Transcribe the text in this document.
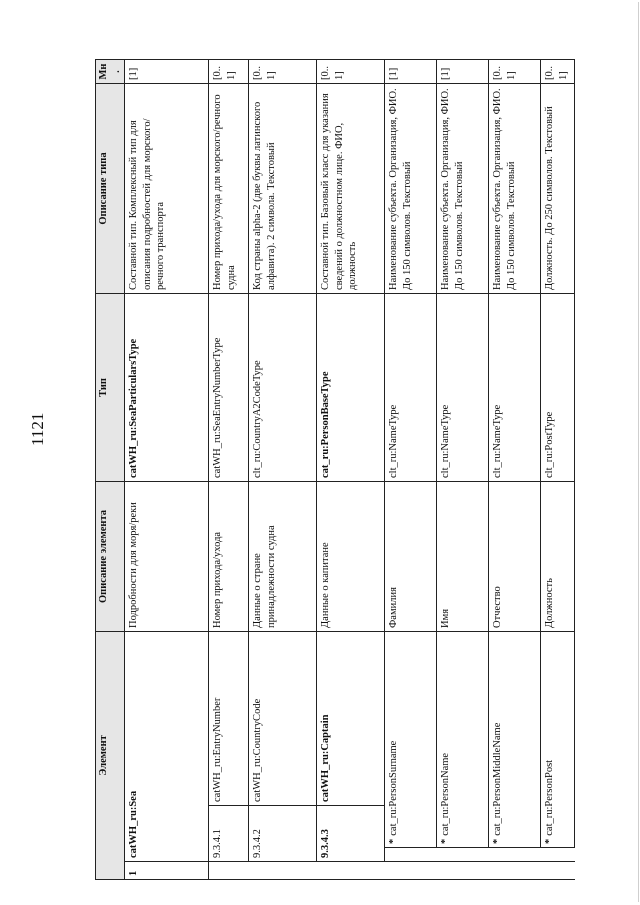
1121
Элемент				Описание элемента	Тип	Описание типа	Мн.
1	catWH_ru:Sea			Подробности для моря/реки	catWH_ru:SeaParticularsType	Составной тип. Комплексный тип для описания подробностей для морского/речного транспорта	[1]
	9.3.4.1		catWH_ru:EntryNumber	Номер прихода/ухода	catWH_ru:SeaEntryNumberType	Номер прихода/ухода для морского/речного судна	[0..1]
	9.3.4.2		catWH_ru:CountryCode	Данные о стране принадлежности судна	clt_ru:CountryA2CodeType	Код страны alpha-2 (две буквы латинского алфавита). 2 символа. Текстовый	[0..1]
	9.3.4.3		catWH_ru:Captain	Данные о капитане	cat_ru:PersonBaseType	Составной тип. Базовый класс для указания сведений о должностном лице. ФИО, должность	[0..1]
		*cat_ru:PersonSurname		Фамилия	clt_ru:NameType	Наименование субъекта. Организация, ФИО. До 150 символов. Текстовый	[1]
		*cat_ru:PersonName		Имя	clt_ru:NameType	Наименование субъекта. Организация, ФИО. До 150 символов. Текстовый	[1]
		*cat_ru:PersonMiddleName		Отчество	clt_ru:NameType	Наименование субъекта. Организация, ФИО. До 150 символов. Текстовый	[0..1]
		*cat_ru:PersonPost		Должность	clt_ru:PostType	Должность. До 250 символов. Текстовый	[0..1]
